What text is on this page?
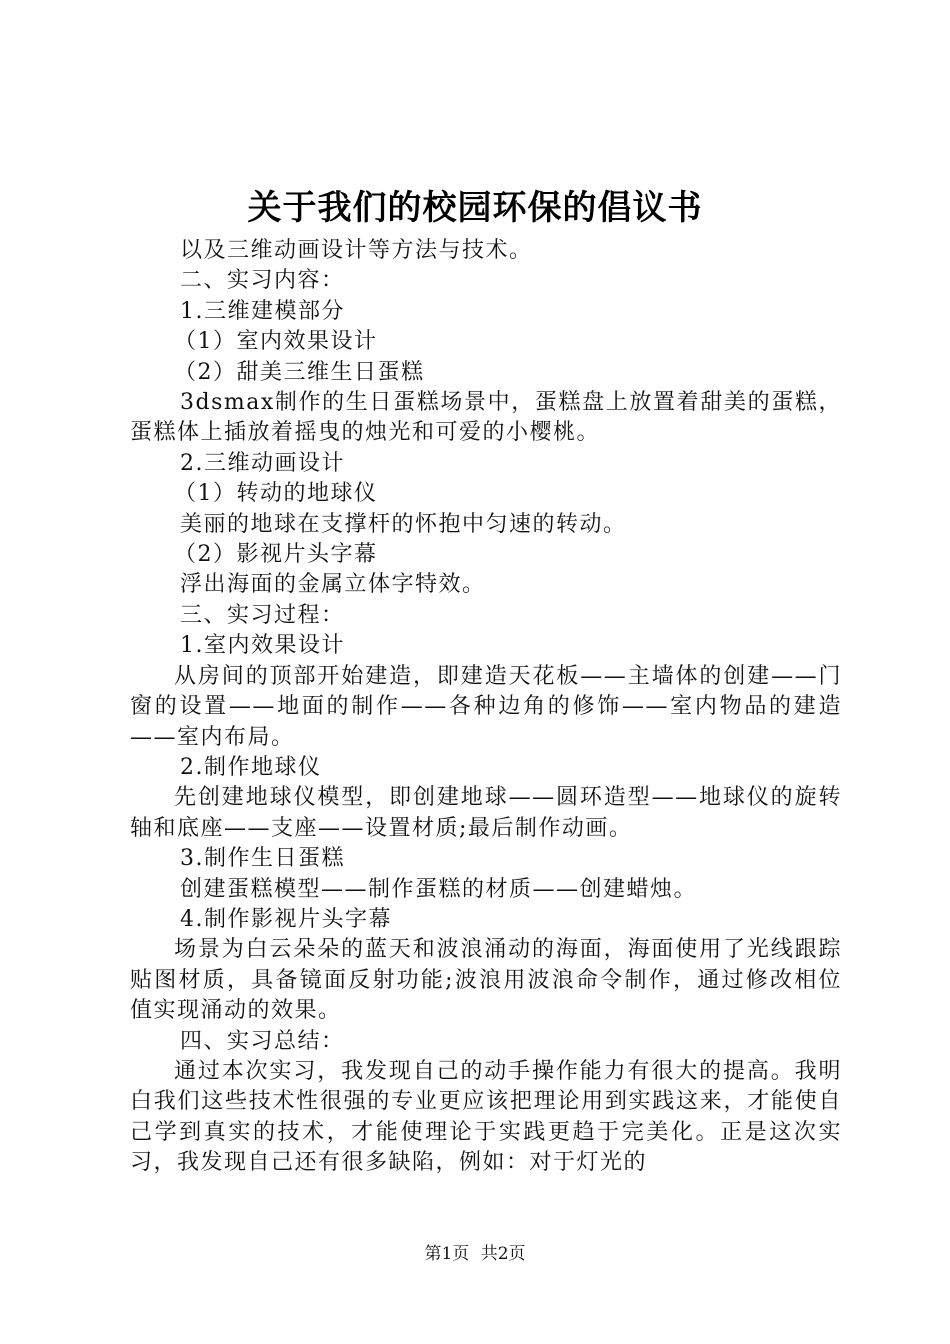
关于我们的校园环保的倡议书

以及三维动画设计等方法与技术。

二、实习内容：

1.三维建模部分

（1）室内效果设计

（2）甜美三维生日蛋糕

3dsmax制作的生日蛋糕场景中，蛋糕盘上放置着甜美的蛋糕，蛋糕体上插放着摇曳的烛光和可爱的小樱桃。

2.三维动画设计

（1）转动的地球仪

美丽的地球在支撑杆的怀抱中匀速的转动。

（2）影视片头字幕

浮出海面的金属立体字特效。

三、实习过程：

1.室内效果设计

从房间的顶部开始建造，即建造天花板——主墙体的创建——门窗的设置——地面的制作——各种边角的修饰——室内物品的建造——室内布局。

2.制作地球仪

先创建地球仪模型，即创建地球——圆环造型——地球仪的旋转轴和底座——支座——设置材质;最后制作动画。

3.制作生日蛋糕

创建蛋糕模型——制作蛋糕的材质——创建蜡烛。

4.制作影视片头字幕

场景为白云朵朵的蓝天和波浪涌动的海面，海面使用了光线跟踪贴图材质，具备镜面反射功能;波浪用波浪命令制作，通过修改相位值实现涌动的效果。

四、实习总结：

通过本次实习，我发现自己的动手操作能力有很大的提高。我明白我们这些技术性很强的专业更应该把理论用到实践这来，才能使自己学到真实的技术，才能使理论于实践更趋于完美化。正是这次实习，我发现自己还有很多缺陷，例如：对于灯光的

第1页 共2页
